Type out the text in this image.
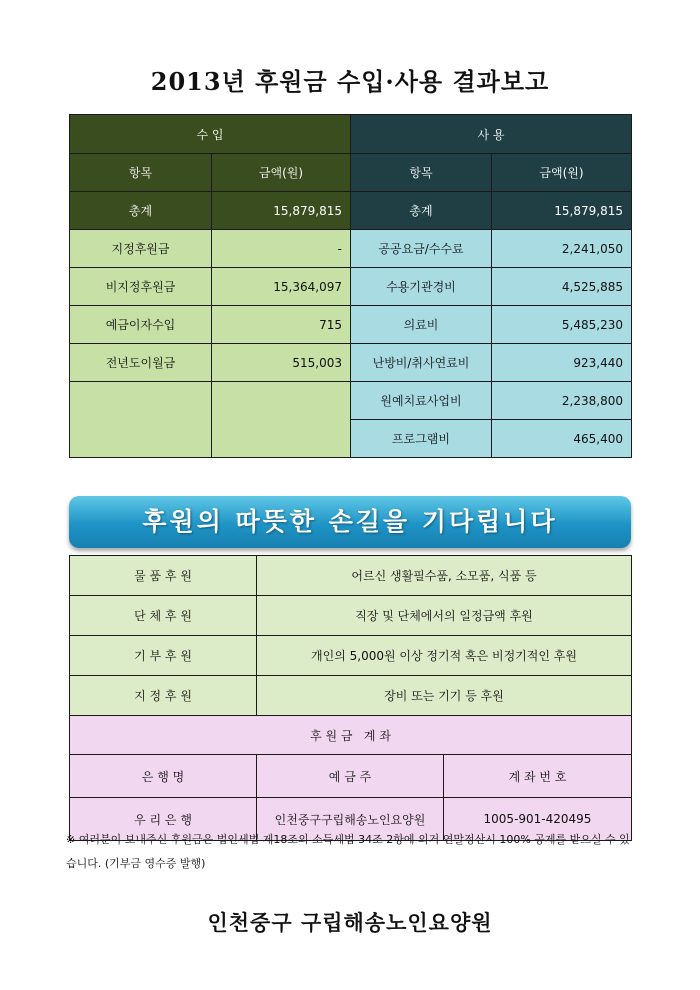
2013년 후원금 수입·사용 결과보고
수 입		사 용	
항목	금액(원)	항목	금액(원)
총계	15,879,815	총계	15,879,815
지정후원금	-	공공요금/수수료	2,241,050
비지정후원금	15,364,097	수용기관경비	4,525,885
예금이자수입	715	의료비	5,485,230
전년도이월금	515,003	난방비/취사연료비	923,440
		원예치료사업비	2,238,800
		프로그램비	465,400
후원의 따뜻한 손길을 기다립니다
물 품 후 원	어르신 생활필수품, 소모품, 식품 등	
단 체 후 원	직장 및 단체에서의 일정금액 후원	
기 부 후 원	개인의 5,000원 이상 정기적 혹은 비정기적인 후원	
지 정 후 원	장비 또는 기기 등 후원	
후 원 금   계 좌		
은 행 명	예 금 주	계 좌 번 호
우 리 은 행	인천중구구립해송노인요양원	1005-901-420495
※ 여러분이 보내주신 후원금은 법인세법 제18조의 소득세법 34조 2항에 의거 연말정산시 100% 공제를 받으실 수 있습니다. (기부금 영수증 발행)
인천중구 구립해송노인요양원
